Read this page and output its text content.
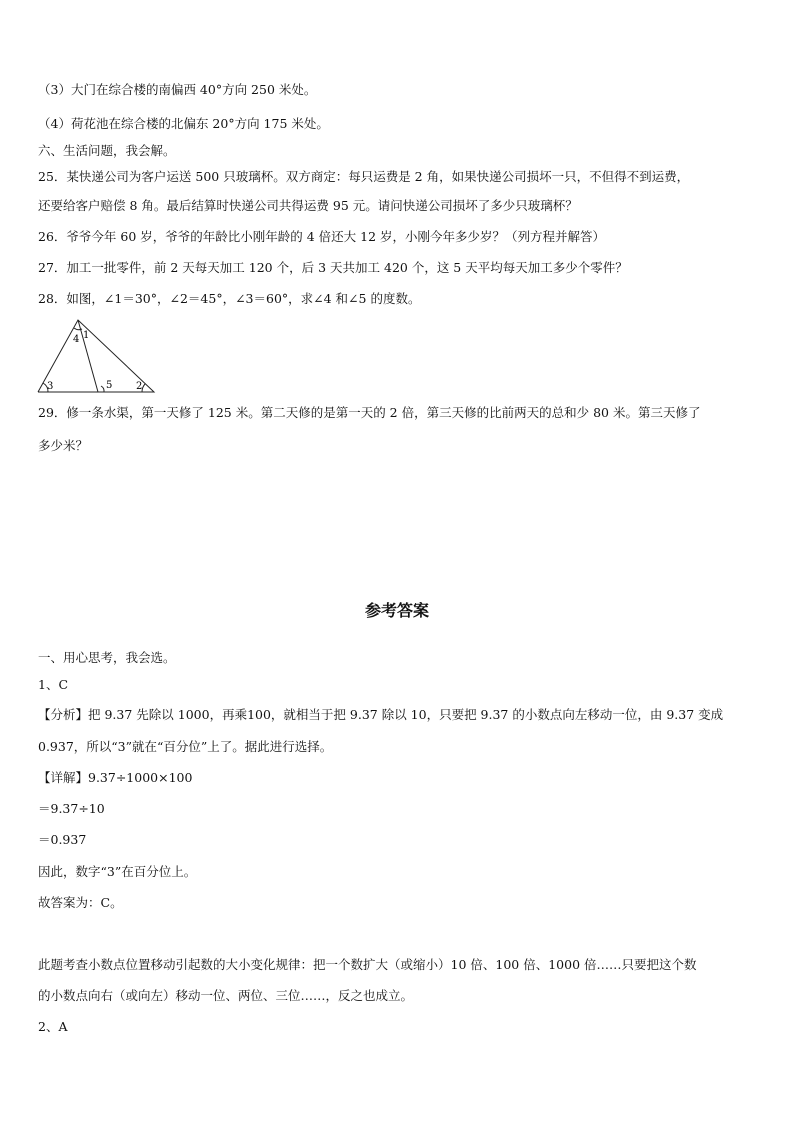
（3）大门在综合楼的南偏西 40°方向 250 米处。
（4）荷花池在综合楼的北偏东 20°方向 175 米处。
六、生活问题，我会解。
25．某快递公司为客户运送 500 只玻璃杯。双方商定：每只运费是 2 角，如果快递公司损坏一只，不但得不到运费，
还要给客户赔偿 8 角。最后结算时快递公司共得运费 95 元。请问快递公司损坏了多少只玻璃杯？
26．爷爷今年 60 岁，爷爷的年龄比小刚年龄的 4 倍还大 12 岁，小刚今年多少岁？（列方程并解答）
27．加工一批零件，前 2 天每天加工 120 个，后 3 天共加工 420 个，这 5 天平均每天加工多少个零件？
28．如图，∠1＝30°，∠2＝45°，∠3＝60°，求∠4 和∠5 的度数。
4 1
3	5 2
29．修一条水渠，第一天修了 125 米。第二天修的是第一天的 2 倍，第三天修的比前两天的总和少 80 米。第三天修了
多少米？
参考答案
一、用心思考，我会选。
1、C
【分析】把 9.37 先除以 1000，再乘100，就相当于把 9.37 除以 10，只要把 9.37 的小数点向左移动一位，由 9.37 变成
0.937，所以“3”就在“百分位”上了。据此进行选择。
【详解】9.37÷1000×100
＝9.37÷10
＝0.937
因此，数字“3”在百分位上。
故答案为：C。
此题考查小数点位置移动引起数的大小变化规律：把一个数扩大（或缩小）10 倍、100 倍、1000 倍……只要把这个数
的小数点向右（或向左）移动一位、两位、三位……，反之也成立。
2、A
